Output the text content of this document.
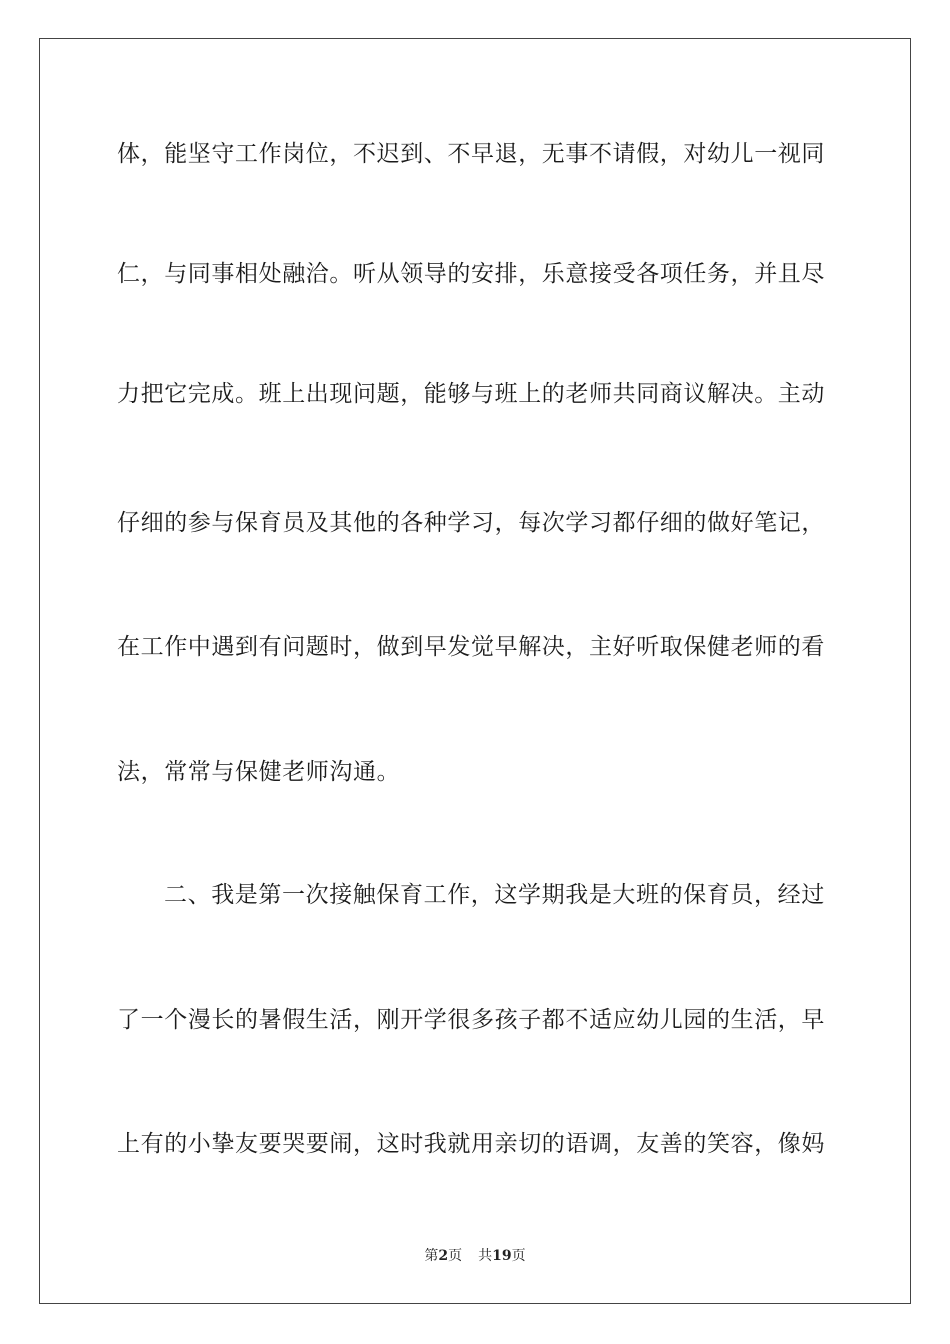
体，能坚守工作岗位，不迟到、不早退，无事不请假，对幼儿一视同

仁，与同事相处融洽。听从领导的安排，乐意接受各项任务，并且尽

力把它完成。班上出现问题，能够与班上的老师共同商议解决。主动

仔细的参与保育员及其他的各种学习，每次学习都仔细的做好笔记，

在工作中遇到有问题时，做到早发觉早解决，主好听取保健老师的看

法，常常与保健老师沟通。

二、我是第一次接触保育工作，这学期我是大班的保育员，经过

了一个漫长的暑假生活，刚开学很多孩子都不适应幼儿园的生活，早

上有的小挚友要哭要闹，这时我就用亲切的语调，友善的笑容，像妈

第2页 共19页
